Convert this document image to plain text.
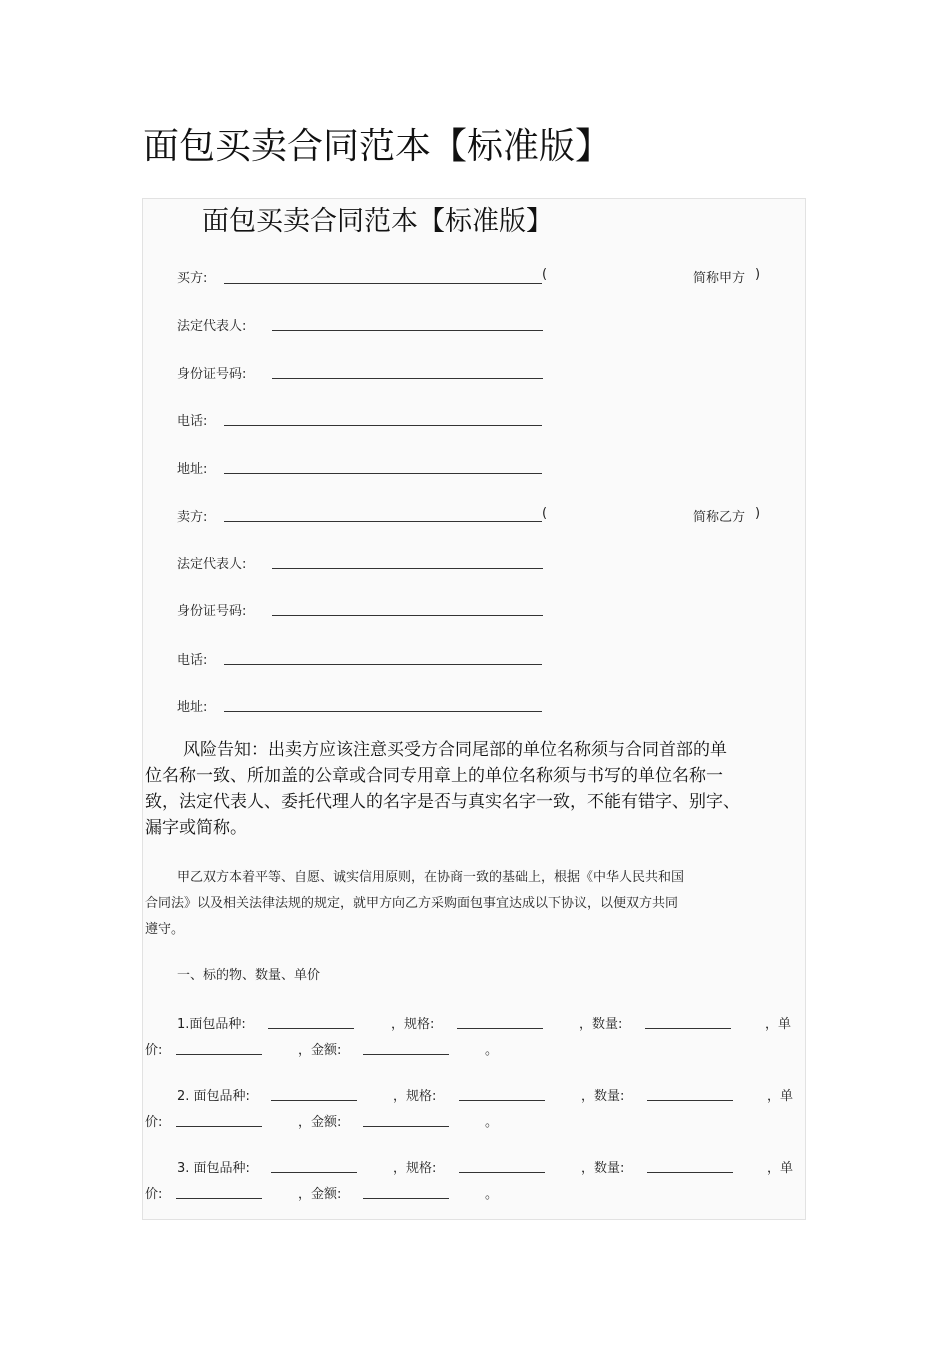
面包买卖合同范本【标准版】
面包买卖合同范本【标准版】
买方:	(	简称甲方 )
法定代表人:
身份证号码:
电话:
地址:
卖方:	(	简称乙方 )
法定代表人:
身份证号码:
电话:
地址:
风险告知：出卖方应该注意买受方合同尾部的单位名称须与合同首部的单
位名称一致、所加盖的公章或合同专用章上的单位名称须与书写的单位名称一
致，法定代表人、委托代理人的名字是否与真实名字一致，不能有错字、别字、
漏字或简称。
甲乙双方本着平等、自愿、诚实信用原则，在协商一致的基础上，根据《中华人民共和国
合同法》以及相关法律法规的规定，就甲方向乙方采购面包事宜达成以下协议，以便双方共同
遵守。
一、标的物、数量、单价
1.面包品种:	，规格:	，数量:	，单
价:	，金额:	。
2. 面包品种:	，规格:	，数量:	，单
价:	，金额:	。
3. 面包品种:	，规格:	，数量:	，单
价:	，金额:	。
